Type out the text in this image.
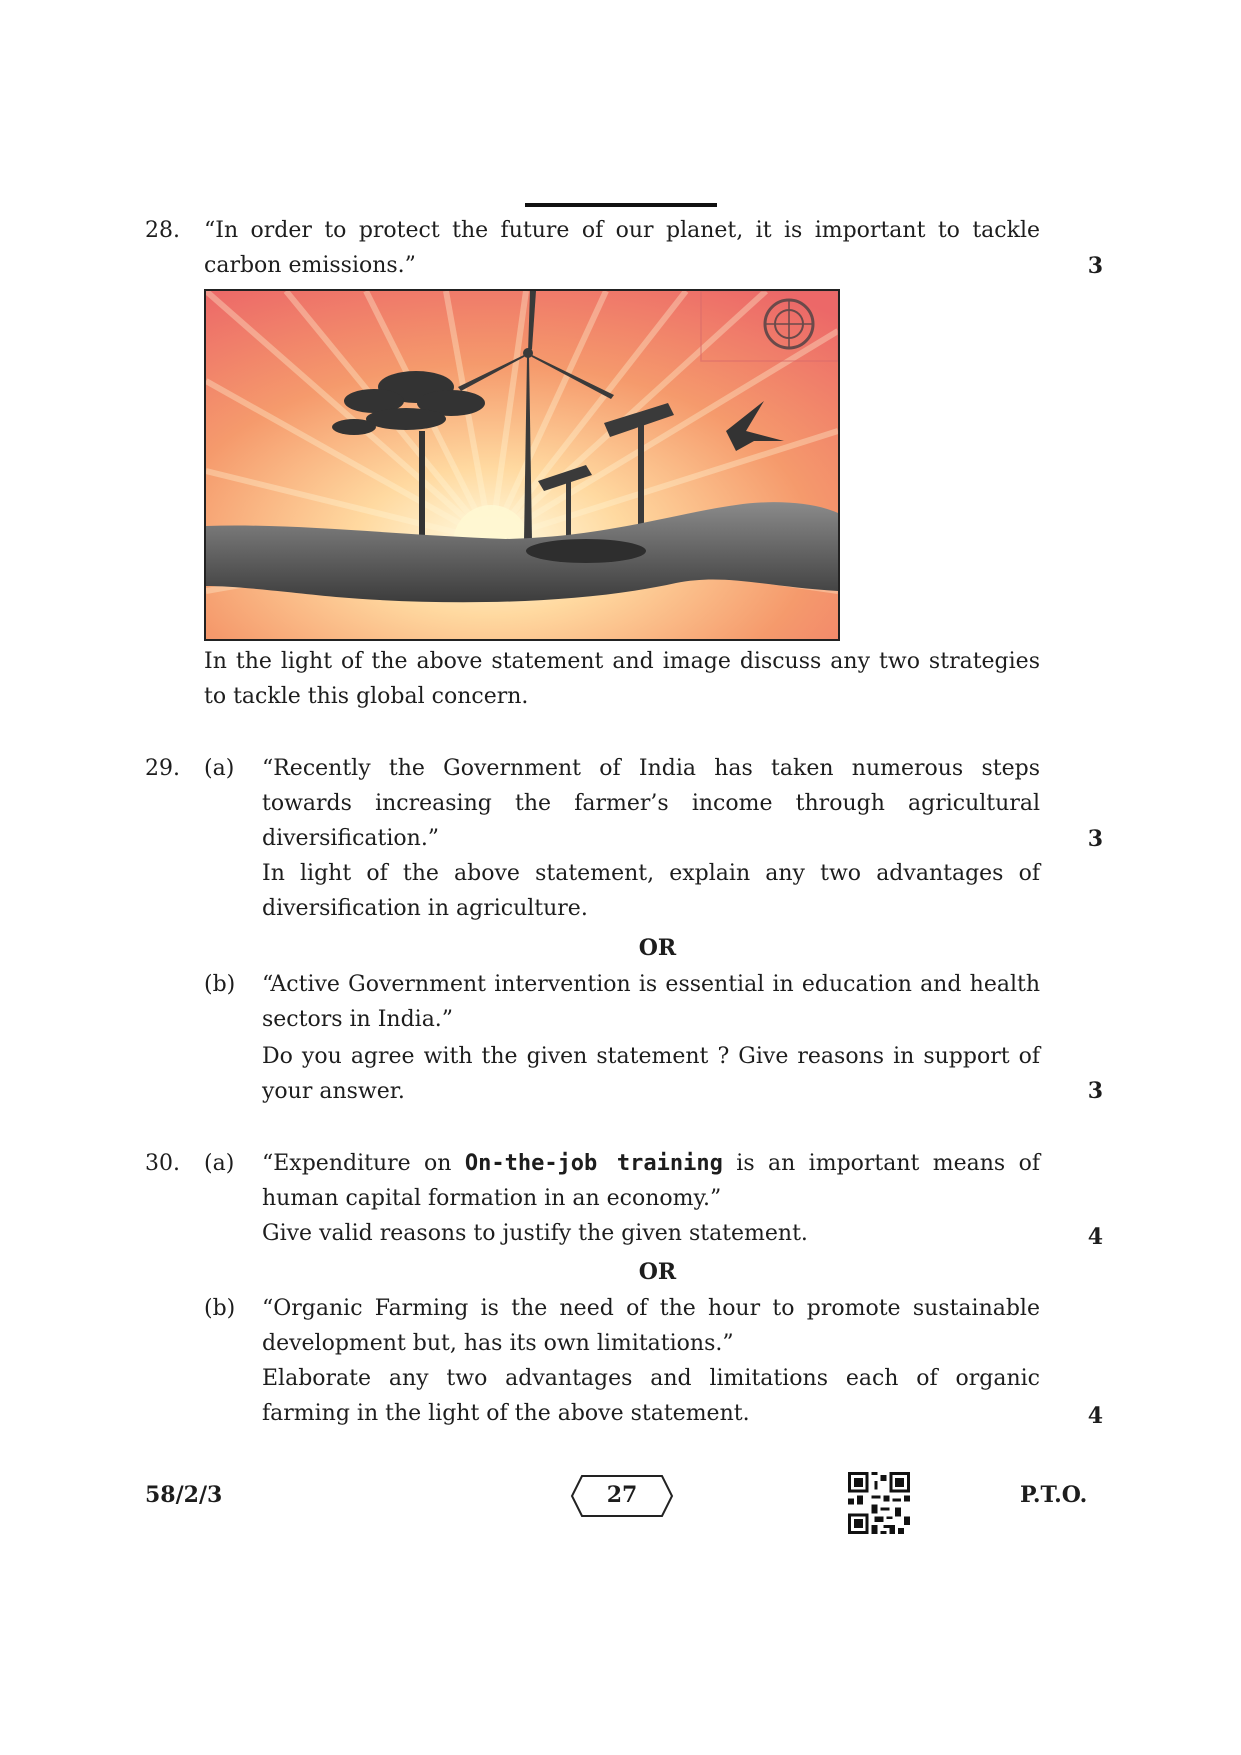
28. “In order to protect the future of our planet, it is important to tackle
carbon emissions.”	3
In the light of the above statement and image discuss any two strategies
to tackle this global concern.
29. (a) “Recently the Government of India has taken numerous steps
towards increasing the farmer’s income through agricultural
diversification.”
In light of the above statement, explain any two advantages of
diversification in agriculture.
3
OR
(b) “Active Government intervention is essential in education and health
sectors in India.”
Do you agree with the given statement ? Give reasons in support of
your answer.	3
30. (a) “Expenditure on On-the-job training is an important means of
human capital formation in an economy.”
Give valid reasons to justify the given statement.	4
OR
(b) “Organic Farming is the need of the hour to promote sustainable
development but, has its own limitations.”
Elaborate any two advantages and limitations each of organic
farming in the light of the above statement.	4
58/2/3	27	P.T.O.
